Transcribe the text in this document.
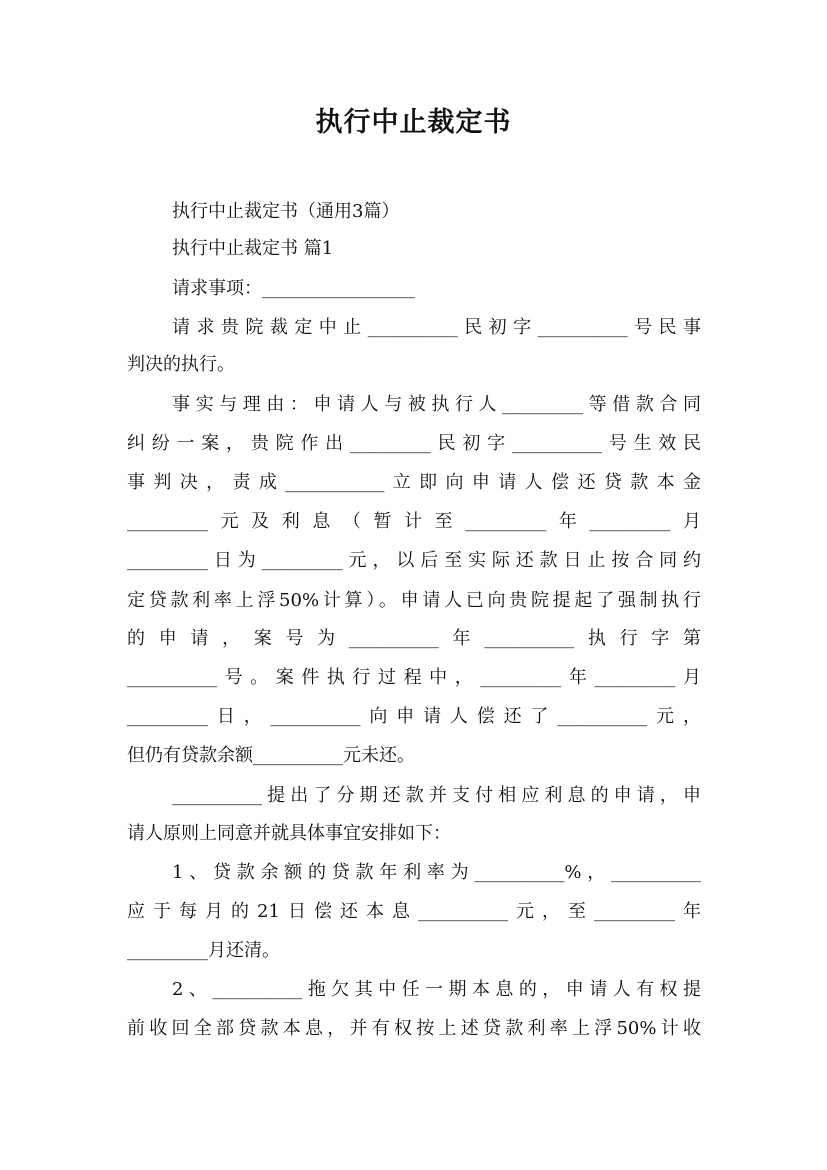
执行中止裁定书
执行中止裁定书（通用3篇）
执行中止裁定书 篇1
请求事项：_________________
请求贵院裁定中止__________民初字__________号民事
判决的执行。
事实与理由：申请人与被执行人_________等借款合同
纠纷一案，贵院作出_________民初字__________号生效民
事判决，责成___________立即向申请人偿还贷款本金
_________元及利息（暂计至_________年_________月
_________日为_________元，以后至实际还款日止按合同约
定贷款利率上浮50%计算）。申请人已向贵院提起了强制执行
的申请，案号为__________年__________执行字第
__________号。案件执行过程中，_________年_________月
_________日，__________向申请人偿还了__________元，
但仍有贷款余额__________元未还。
__________提出了分期还款并支付相应利息的申请，申
请人原则上同意并就具体事宜安排如下：
1、贷款余额的贷款年利率为__________%，__________
应于每月的21日偿还本息__________元，至_________年
_________月还清。
2、__________拖欠其中任一期本息的，申请人有权提
前收回全部贷款本息，并有权按上述贷款利率上浮50%计收
